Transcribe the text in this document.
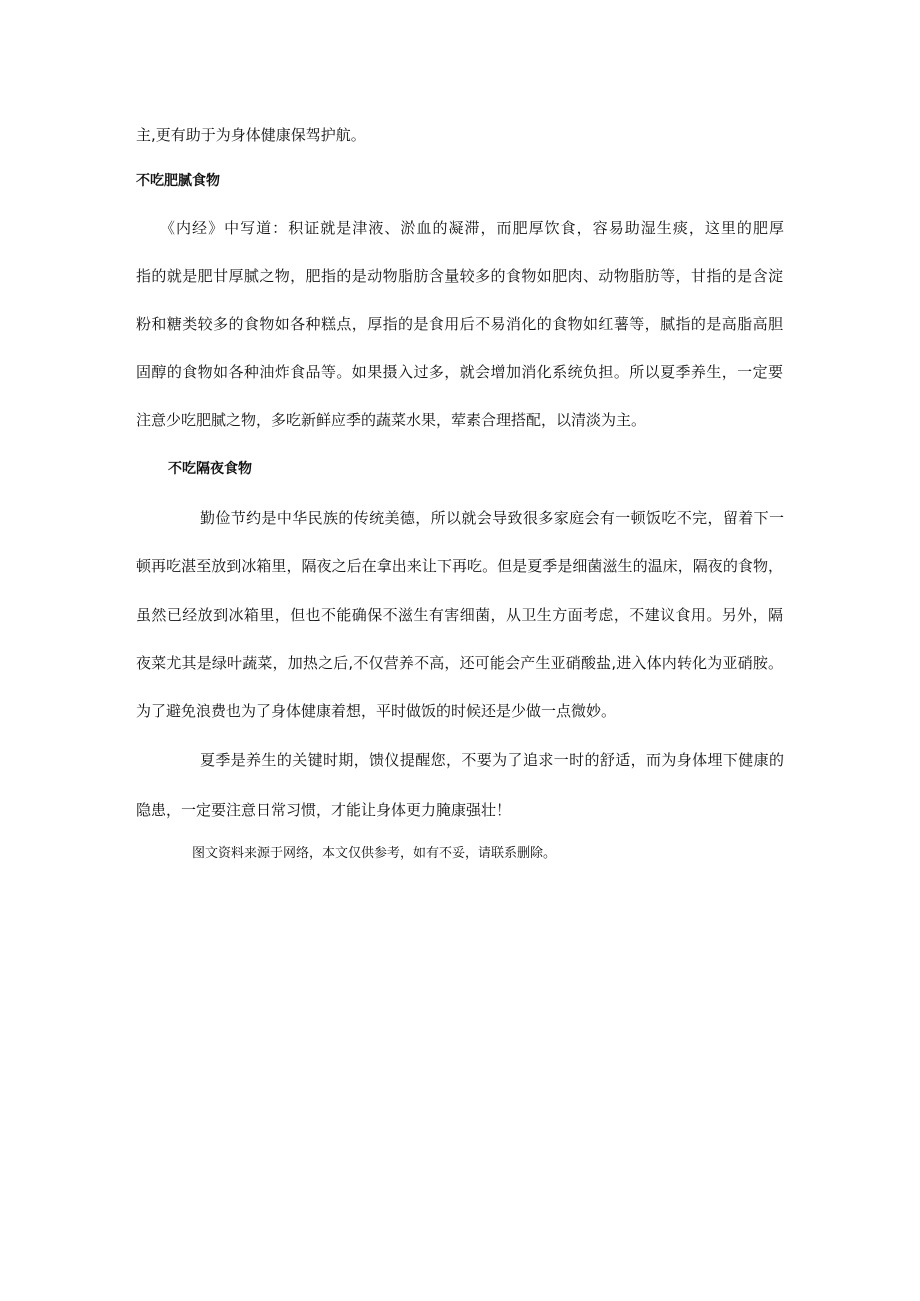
主,更有助于为身体健康保驾护航。
不吃肥腻食物
《内经》中写道：积证就是津液、淤血的凝滞，而肥厚饮食，容易助湿生痰，这里的肥厚
指的就是肥甘厚腻之物，肥指的是动物脂肪含量较多的食物如肥肉、动物脂肪等，甘指的是含淀
粉和糖类较多的食物如各种糕点，厚指的是食用后不易消化的食物如红薯等，腻指的是高脂高胆
固醇的食物如各种油炸食品等。如果摄入过多，就会增加消化系统负担。所以夏季养生，一定要
注意少吃肥腻之物，多吃新鲜应季的蔬菜水果，荤素合理搭配，以清淡为主。
不吃隔夜食物
勤俭节约是中华民族的传统美德，所以就会导致很多家庭会有一顿饭吃不完，留着下一
顿再吃湛至放到冰箱里，隔夜之后在拿出来让下再吃。但是夏季是细菌滋生的温床，隔夜的食物，
虽然已经放到冰箱里，但也不能确保不滋生有害细菌，从卫生方面考虑，不建议食用。另外，隔
夜菜尤其是绿叶蔬菜，加热之后,不仅营养不高，还可能会产生亚硝酸盐,进入体内转化为亚硝胺。
为了避免浪费也为了身体健康着想，平时做饭的时候还是少做一点微妙。
夏季是养生的关键时期，馈仪提醒您，不要为了追求一时的舒适，而为身体埋下健康的
隐患，一定要注意日常习惯，才能让身体更力腌康强壮！
图文资料来源于网络，本文仅供参考，如有不妥，请联系删除。
